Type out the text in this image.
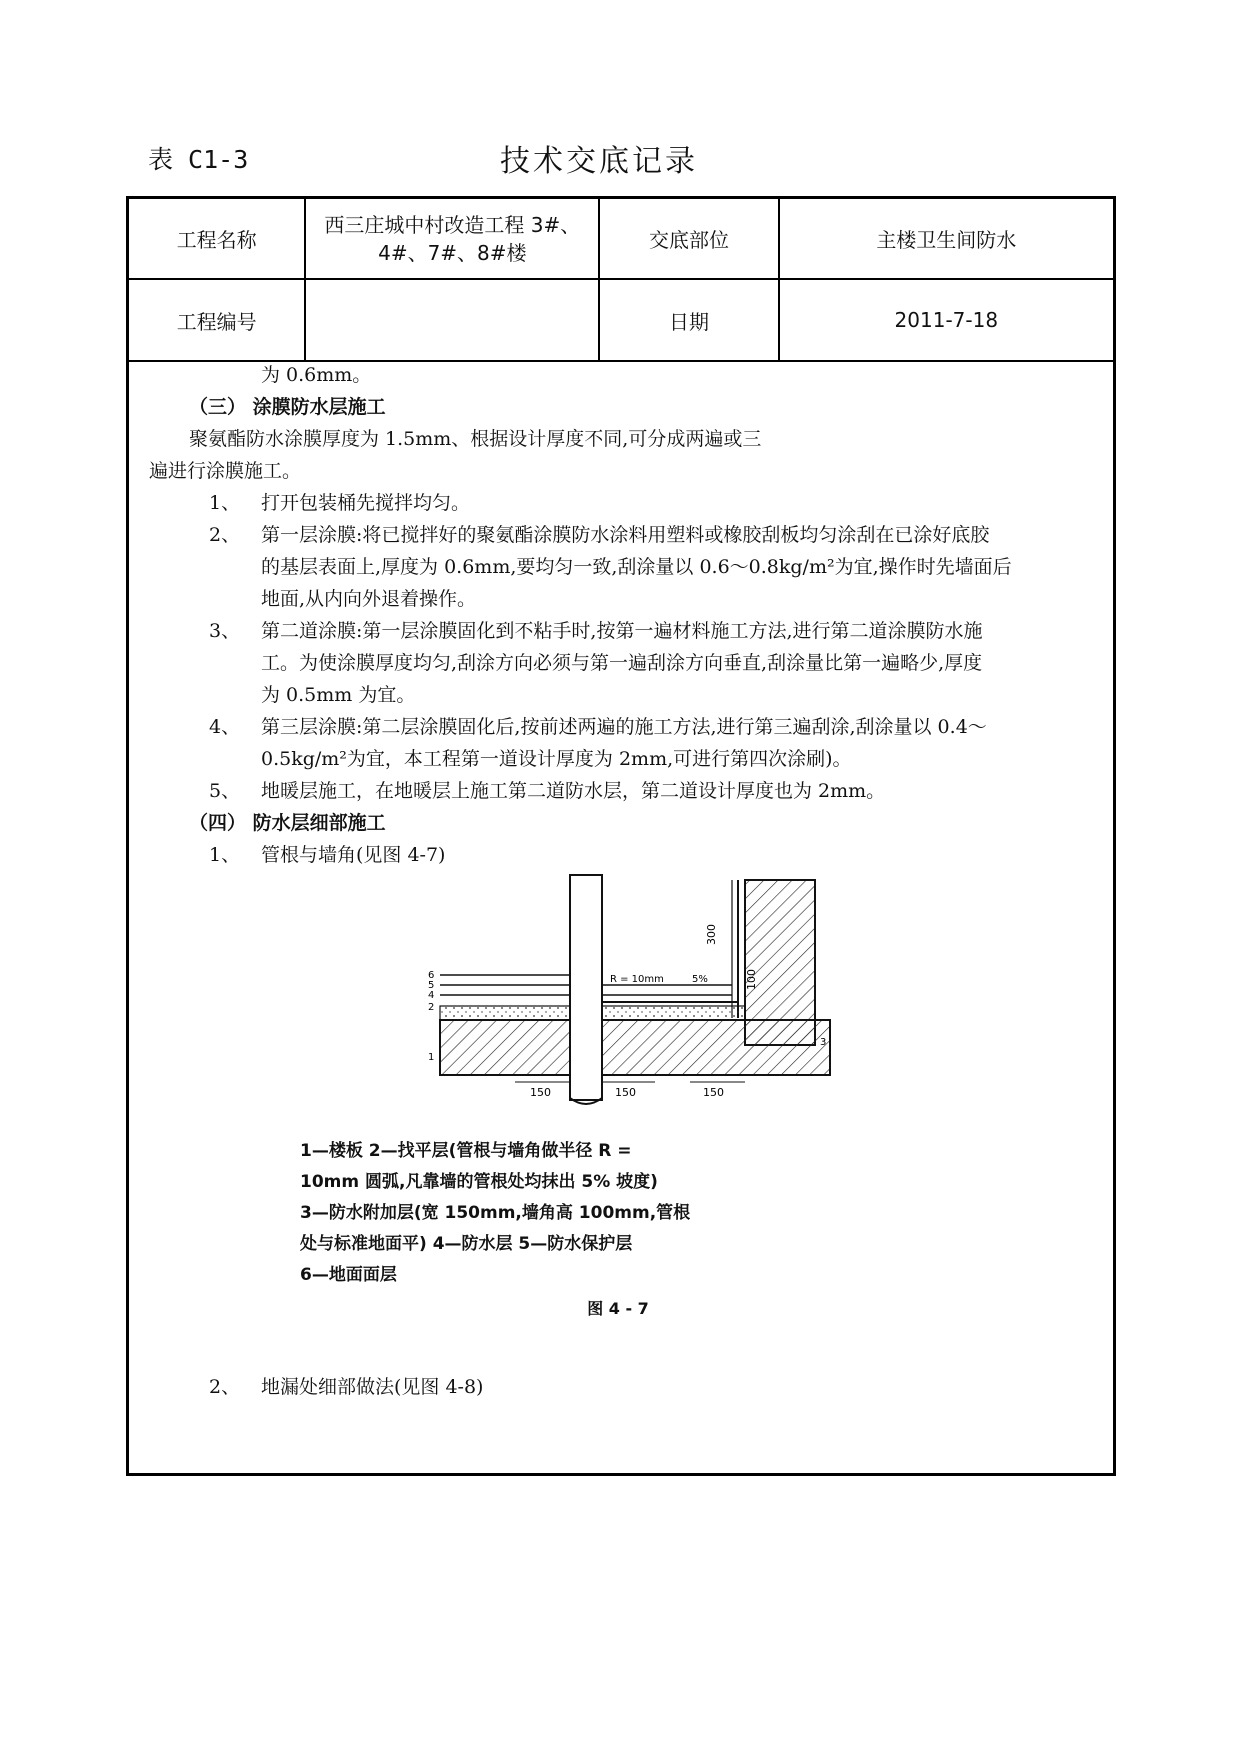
表 C1-3	技术交底记录
工程名称	西三庄城中村改造工程 3#、
4#、7#、8#楼	交底部位	主楼卫生间防水
工程编号		日期	2011-7-18
为 0.6mm。
（三） 涂膜防水层施工
聚氨酯防水涂膜厚度为 1.5mm、根据设计厚度不同,可分成两遍或三
遍进行涂膜施工。
1、 打开包装桶先搅拌均匀。
2、 第一层涂膜:将已搅拌好的聚氨酯涂膜防水涂料用塑料或橡胶刮板均匀涂刮在已涂好底胶
的基层表面上,厚度为 0.6mm,要均匀一致,刮涂量以 0.6～0.8kg/m²为宜,操作时先墙面后
地面,从内向外退着操作。
3、 第二道涂膜:第一层涂膜固化到不粘手时,按第一遍材料施工方法,进行第二道涂膜防水施
工。为使涂膜厚度均匀,刮涂方向必须与第一遍刮涂方向垂直,刮涂量比第一遍略少,厚度
为 0.5mm 为宜。
4、 第三层涂膜:第二层涂膜固化后,按前述两遍的施工方法,进行第三遍刮涂,刮涂量以 0.4～
0.5kg/m²为宜，本工程第一道设计厚度为 2mm,可进行第四次涂刷)。
5、 地暖层施工，在地暖层上施工第二道防水层，第二道设计厚度也为 2mm。
（四） 防水层细部施工
1、 管根与墙角(见图 4-7)
2、 地漏处细部做法(见图 4-8)
150	150	150
300
100
R = 10mm	5%
6
5
4
2
1
3
1—楼板 2—找平层(管根与墙角做半径 R =
10mm 圆弧,凡靠墙的管根处均抹出 5% 坡度)
3—防水附加层(宽 150mm,墙角高 100mm,管根
处与标准地面平) 4—防水层 5—防水保护层
6—地面面层
图 4 - 7
